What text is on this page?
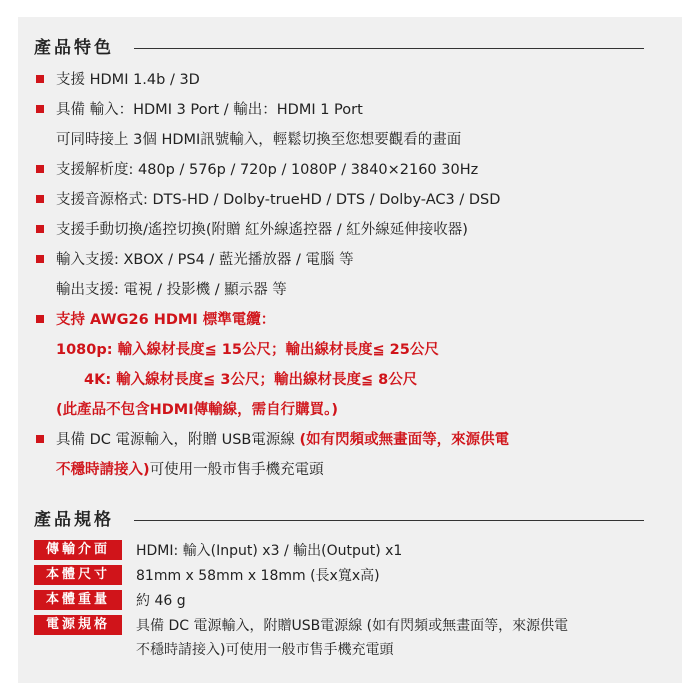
產品特色
支援 HDMI 1.4b / 3D
具備 輸入：HDMI 3 Port / 輸出：HDMI 1 Port
可同時接上 3個 HDMI訊號輸入，輕鬆切換至您想要觀看的畫面
支援解析度: 480p / 576p / 720p / 1080P / 3840×2160 30Hz
支援音源格式: DTS-HD / Dolby-trueHD / DTS / Dolby-AC3 / DSD
支援手動切換/遙控切換(附贈 紅外線遙控器 / 紅外線延伸接收器)
輸入支援: XBOX / PS4 / 藍光播放器 / 電腦 等
輸出支援: 電視 / 投影機 / 顯示器 等
支持 AWG26 HDMI 標準電纜：
1080p: 輸入線材長度≦ 15公尺；輸出線材長度≦ 25公尺
4K: 輸入線材長度≦ 3公尺；輸出線材長度≦ 8公尺
(此產品不包含HDMI傳輸線，需自行購買。)
具備 DC 電源輸入，附贈 USB電源線 (如有閃頻或無畫面等，來源供電
不穩時請接入)可使用一般市售手機充電頭
產品規格
傳輸介面	HDMI: 輸入(Input) x3 / 輸出(Output) x1
本體尺寸	81mm x 58mm x 18mm (長x寬x高)
本體重量	約 46 g
電源規格	具備 DC 電源輸入，附贈USB電源線 (如有閃頻或無畫面等，來源供電
不穩時請接入)可使用一般市售手機充電頭
